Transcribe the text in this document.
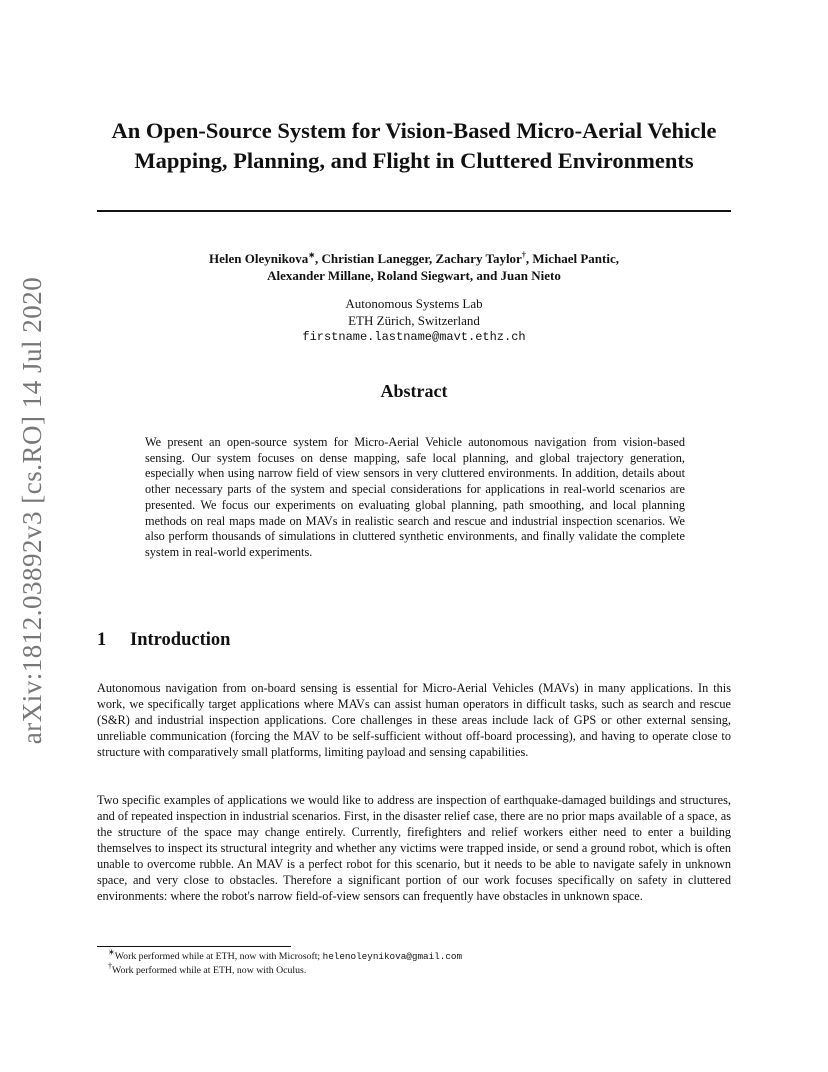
arXiv:1812.03892v3 [cs.RO] 14 Jul 2020
An Open-Source System for Vision-Based Micro-Aerial Vehicle Mapping, Planning, and Flight in Cluttered Environments
Helen Oleynikova∗, Christian Lanegger, Zachary Taylor†, Michael Pantic,
Alexander Millane, Roland Siegwart, and Juan Nieto
Autonomous Systems Lab
ETH Zürich, Switzerland
firstname.lastname@mavt.ethz.ch
Abstract
We present an open-source system for Micro-Aerial Vehicle autonomous navigation from vision-based sensing. Our system focuses on dense mapping, safe local planning, and global trajectory generation, especially when using narrow field of view sensors in very cluttered environments. In addition, details about other necessary parts of the system and special considerations for applications in real-world scenarios are presented. We focus our experiments on evaluating global planning, path smoothing, and local planning methods on real maps made on MAVs in realistic search and rescue and industrial inspection scenarios. We also perform thousands of simulations in cluttered synthetic environments, and finally validate the complete system in real-world experiments.
1 Introduction
Autonomous navigation from on-board sensing is essential for Micro-Aerial Vehicles (MAVs) in many applications. In this work, we specifically target applications where MAVs can assist human operators in difficult tasks, such as search and rescue (S&R) and industrial inspection applications. Core challenges in these areas include lack of GPS or other external sensing, unreliable communication (forcing the MAV to be self-sufficient without off-board processing), and having to operate close to structure with comparatively small platforms, limiting payload and sensing capabilities.
Two specific examples of applications we would like to address are inspection of earthquake-damaged buildings and structures, and of repeated inspection in industrial scenarios. First, in the disaster relief case, there are no prior maps available of a space, as the structure of the space may change entirely. Currently, firefighters and relief workers either need to enter a building themselves to inspect its structural integrity and whether any victims were trapped inside, or send a ground robot, which is often unable to overcome rubble. An MAV is a perfect robot for this scenario, but it needs to be able to navigate safely in unknown space, and very close to obstacles. Therefore a significant portion of our work focuses specifically on safety in cluttered environments: where the robot's narrow field-of-view sensors can frequently have obstacles in unknown space.
∗Work performed while at ETH, now with Microsoft; helenoleynikova@gmail.com
†Work performed while at ETH, now with Oculus.
